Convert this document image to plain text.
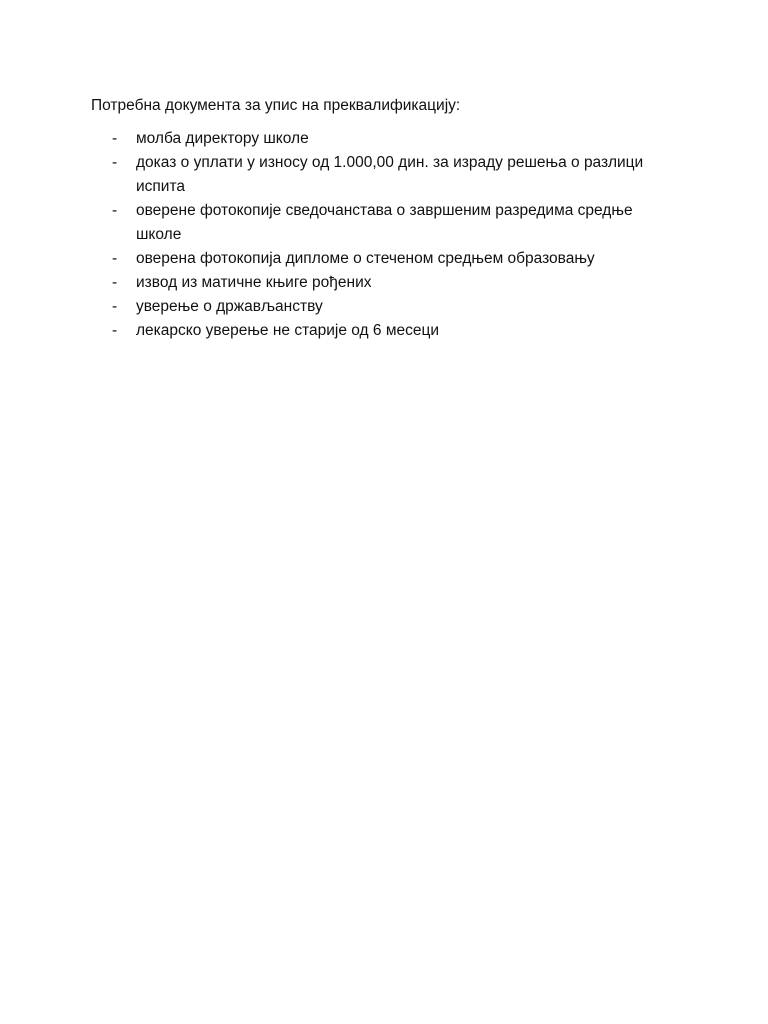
Потребна документа за упис на преквалификацију:
- молба директору школе
- доказ о уплати у износу од 1.000,00 дин. за израду решења о разлици испита
- оверене фотокопије сведочанстава о завршеним разредима средње школе
- оверена фотокопија дипломе о стеченом средњем образовању
- извод из матичне књиге рођених
- уверење о држављанству
- лекарско уверење не старије од 6 месеци
